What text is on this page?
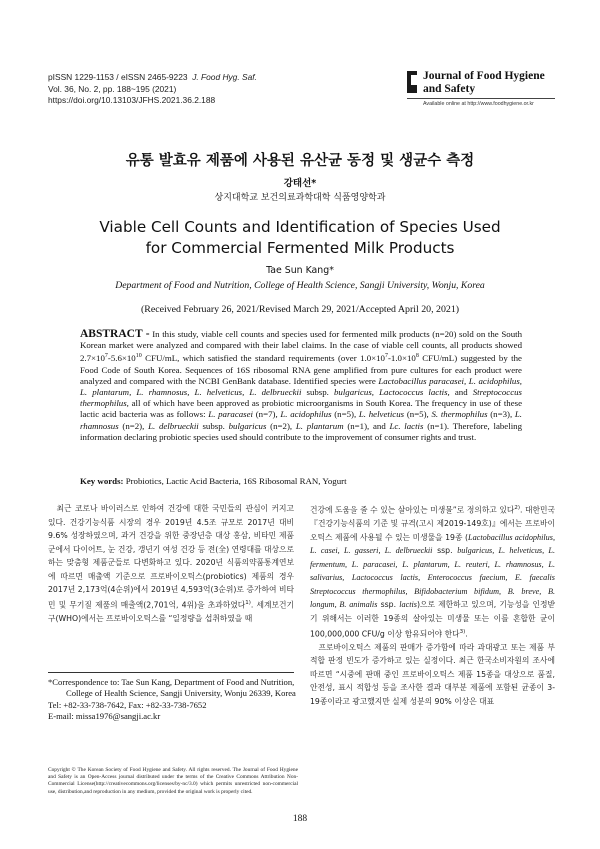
pISSN 1229-1153 / eISSN 2465-9223 J. Food Hyg. Saf.
Vol. 36, No. 2, pp. 188~195 (2021)
https://doi.org/10.13103/JFHS.2021.36.2.188
Journal of Food Hygiene
and Safety
Available online at http://www.foodhygiene.or.kr
유통 발효유 제품에 사용된 유산균 동정 및 생균수 측정
강태선*
상지대학교 보건의료과학대학 식품영양학과
Viable Cell Counts and Identification of Species Used
for Commercial Fermented Milk Products
Tae Sun Kang*
Department of Food and Nutrition, College of Health Science, Sangji University, Wonju, Korea
(Received February 26, 2021/Revised March 29, 2021/Accepted April 20, 2021)
ABSTRACT - In this study, viable cell counts and species used for fermented milk products (n=20) sold on the South Korean market were analyzed and compared with their label claims. In the case of viable cell counts, all products showed $2.7\times 10^7-5.6\times 10^{10}$ CFU/mL, which satisfied the standard requirements (over $1.0\times 10^7-1.0\times 10^8$ CFU/mL) suggested by the Food Code of South Korea. Sequences of 16S ribosomal RNA gene amplified from pure cultures for each product were analyzed and compared with the NCBI GenBank database. Identified species were Lactobacillus paracasei, L. acidophilus, L. plantarum, L. rhamnosus, L. helveticus, L. delbrueckii subsp. bulgaricus, Lactococcus lactis, and Streptococcus thermophilus, all of which have been approved as probiotic microorganisms in South Korea. The frequency in use of these lactic acid bacteria was as follows: L. paracasei (n=7), L. acidophilus (n=5), L. helveticus (n=5), S. thermophilus (n=3), L. rhamnosus (n=2), L. delbrueckii subsp. bulgaricus (n=2), L. plantarum (n=1), and Lc. lactis (n=1). Therefore, labeling information declaring probiotic species used should contribute to the improvement of consumer rights and trust.
Key words: Probiotics, Lactic Acid Bacteria, 16S Ribosomal RAN, Yogurt
최근 코로나 바이러스로 인하여 건강에 대한 국민들의 관심이 커지고 있다. 건강기능식품 시장의 경우 2019년 4.5조 규모로 2017년 대비 9.6% 성장하였으며, 과거 건강을 위한 중장년층 대상 홍삼, 비타민 제품군에서 다이어트, 눈 건강, 갱년기 여성 건강 등 전(全) 연령대를 대상으로 하는 맞춤형 제품군들로 다변화하고 있다. 2020년 식품의약품통계연보에 따르면 매출액 기준으로 프로바이오틱스(probiotics) 제품의 경우 2017년 2,173억(4순위)에서 2019년 4,593억(3순위)로 증가하여 비타민 및 무기질 제품의 매출액(2,701억, 4위)을 초과하였다$^{1)}$. 세계보건기구(WHO)에서는 프로바이오틱스를 “일정량을 섭취하였을 때
건강에 도움을 줄 수 있는 살아있는 미생물”로 정의하고 있다$^{2)}$. 대한민국 『건강기능식품의 기준 및 규격(고시 제2019-149호)』에서는 프로바이오틱스 제품에 사용될 수 있는 미생물을 19종 (Lactobacillus acidophilus, L. casei, L. gasseri, L. delbrueckii ssp. bulgaricus, L. helveticus, L. fermentum, L. paracasei, L. plantarum, L. reuteri, L. rhamnosus, L. salivarius, Lactococcus lactis, Enterococcus faecium, E. faecalis Streptococcus thermophilus, Bifidobacterium bifidum, B. breve, B. longum, B. animalis ssp. lactis)으로 제한하고 있으며, 기능성을 인정받기 위해서는 이러한 19종의 살아있는 미생물 또는 이를 혼합한 균이 100,000,000 CFU/g 이상 함유되어야 한다$^{3)}$.
프로바이오틱스 제품의 판매가 증가함에 따라 과대광고 또는 제품 부적합 판정 빈도가 증가하고 있는 실정이다. 최근 한국소비자원의 조사에 따르면 “시중에 판매 중인 프로바이오틱스 제품 15종을 대상으로 품질, 안전성, 표시 적합성 등을 조사한 결과 대부분 제품에 포함된 균종이 3-19종이라고 광고했지만 실제 성분의 90% 이상은 대표
*Correspondence to: Tae Sun Kang, Department of Food and Nutrition, College of Health Science, Sangji University, Wonju 26339, Korea
Tel: +82-33-738-7642, Fax: +82-33-738-7652
E-mail: missa1976@sangji.ac.kr
Copyright © The Korean Society of Food Hygiene and Safety. All rights reserved. The Journal of Food Hygiene and Safety is an Open-Access journal distributed under the terms of the Creative Commons Attribution Non-Commercial License(http://creativecommons.org/licenses/by-nc/3.0) which permits unrestricted non-commercial use, distribution,and reproduction in any medium, provided the original work is properly cited.
188
